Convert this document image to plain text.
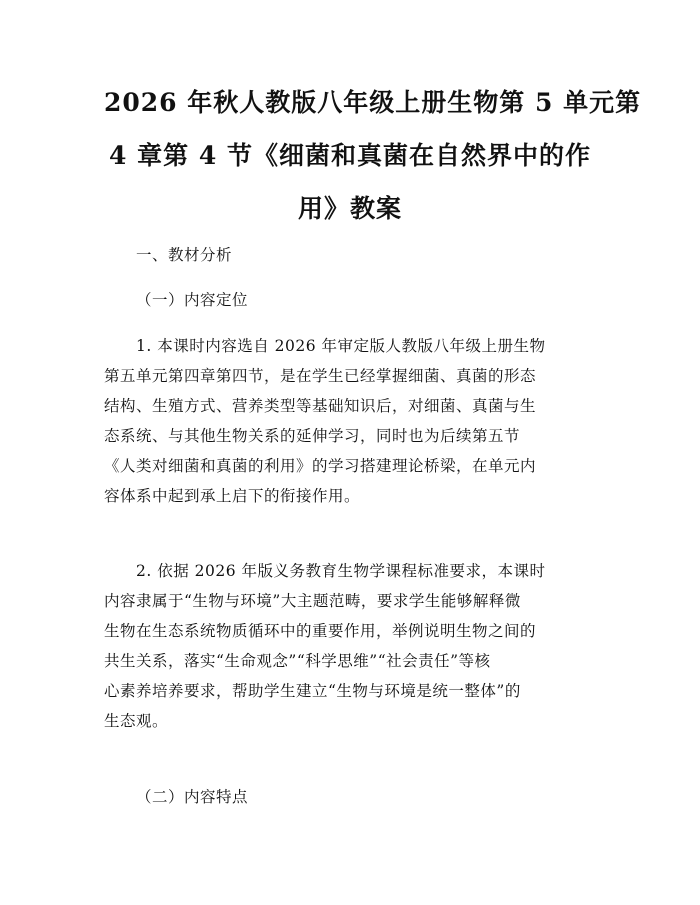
2026 年秋人教版八年级上册生物第 5 单元第
4 章第 4 节《细菌和真菌在自然界中的作
用》教案

一、教材分析

（一）内容定位

1. 本课时内容选自 2026 年审定版人教版八年级上册生物
第五单元第四章第四节，是在学生已经掌握细菌、真菌的形态
结构、生殖方式、营养类型等基础知识后，对细菌、真菌与生
态系统、与其他生物关系的延伸学习，同时也为后续第五节
《人类对细菌和真菌的利用》的学习搭建理论桥梁，在单元内
容体系中起到承上启下的衔接作用。

2. 依据 2026 年版义务教育生物学课程标准要求，本课时
内容隶属于“生物与环境”大主题范畴，要求学生能够解释微
生物在生态系统物质循环中的重要作用，举例说明生物之间的
共生关系，落实“生命观念”“科学思维”“社会责任”等核
心素养培养要求，帮助学生建立“生物与环境是统一整体”的
生态观。

（二）内容特点
